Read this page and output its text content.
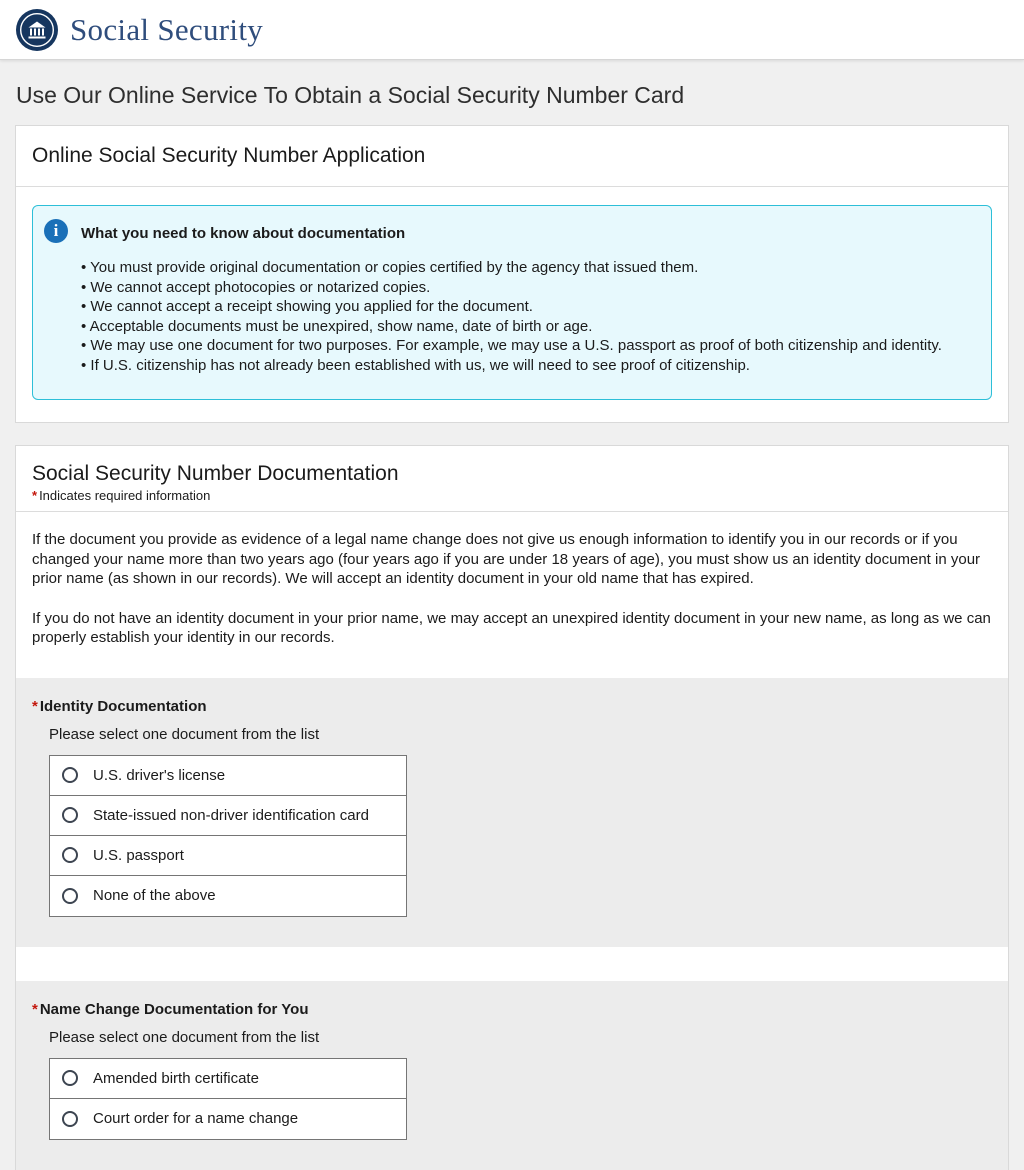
Social Security
Use Our Online Service To Obtain a Social Security Number Card
Online Social Security Number Application
i
What you need to know about documentation
• You must provide original documentation or copies certified by the agency that issued them.
• We cannot accept photocopies or notarized copies.
• We cannot accept a receipt showing you applied for the document.
• Acceptable documents must be unexpired, show name, date of birth or age.
• We may use one document for two purposes. For example, we may use a U.S. passport as proof of both citizenship and identity.
• If U.S. citizenship has not already been established with us, we will need to see proof of citizenship.
Social Security Number Documentation
* Indicates required information

If the document you provide as evidence of a legal name change does not give us enough information to identify you in our records or if you changed your name more than two years ago (four years ago if you are under 18 years of age), you must show us an identity document in your prior name (as shown in our records). We will accept an identity document in your old name that has expired.

If you do not have an identity document in your prior name, we may accept an unexpired identity document in your new name, as long as we can properly establish your identity in our records.

* Identity Documentation
Please select one document from the list
U.S. driver's license
State-issued non-driver identification card
U.S. passport
None of the above
* Name Change Documentation for You
Please select one document from the list
Amended birth certificate
Court order for a name change
